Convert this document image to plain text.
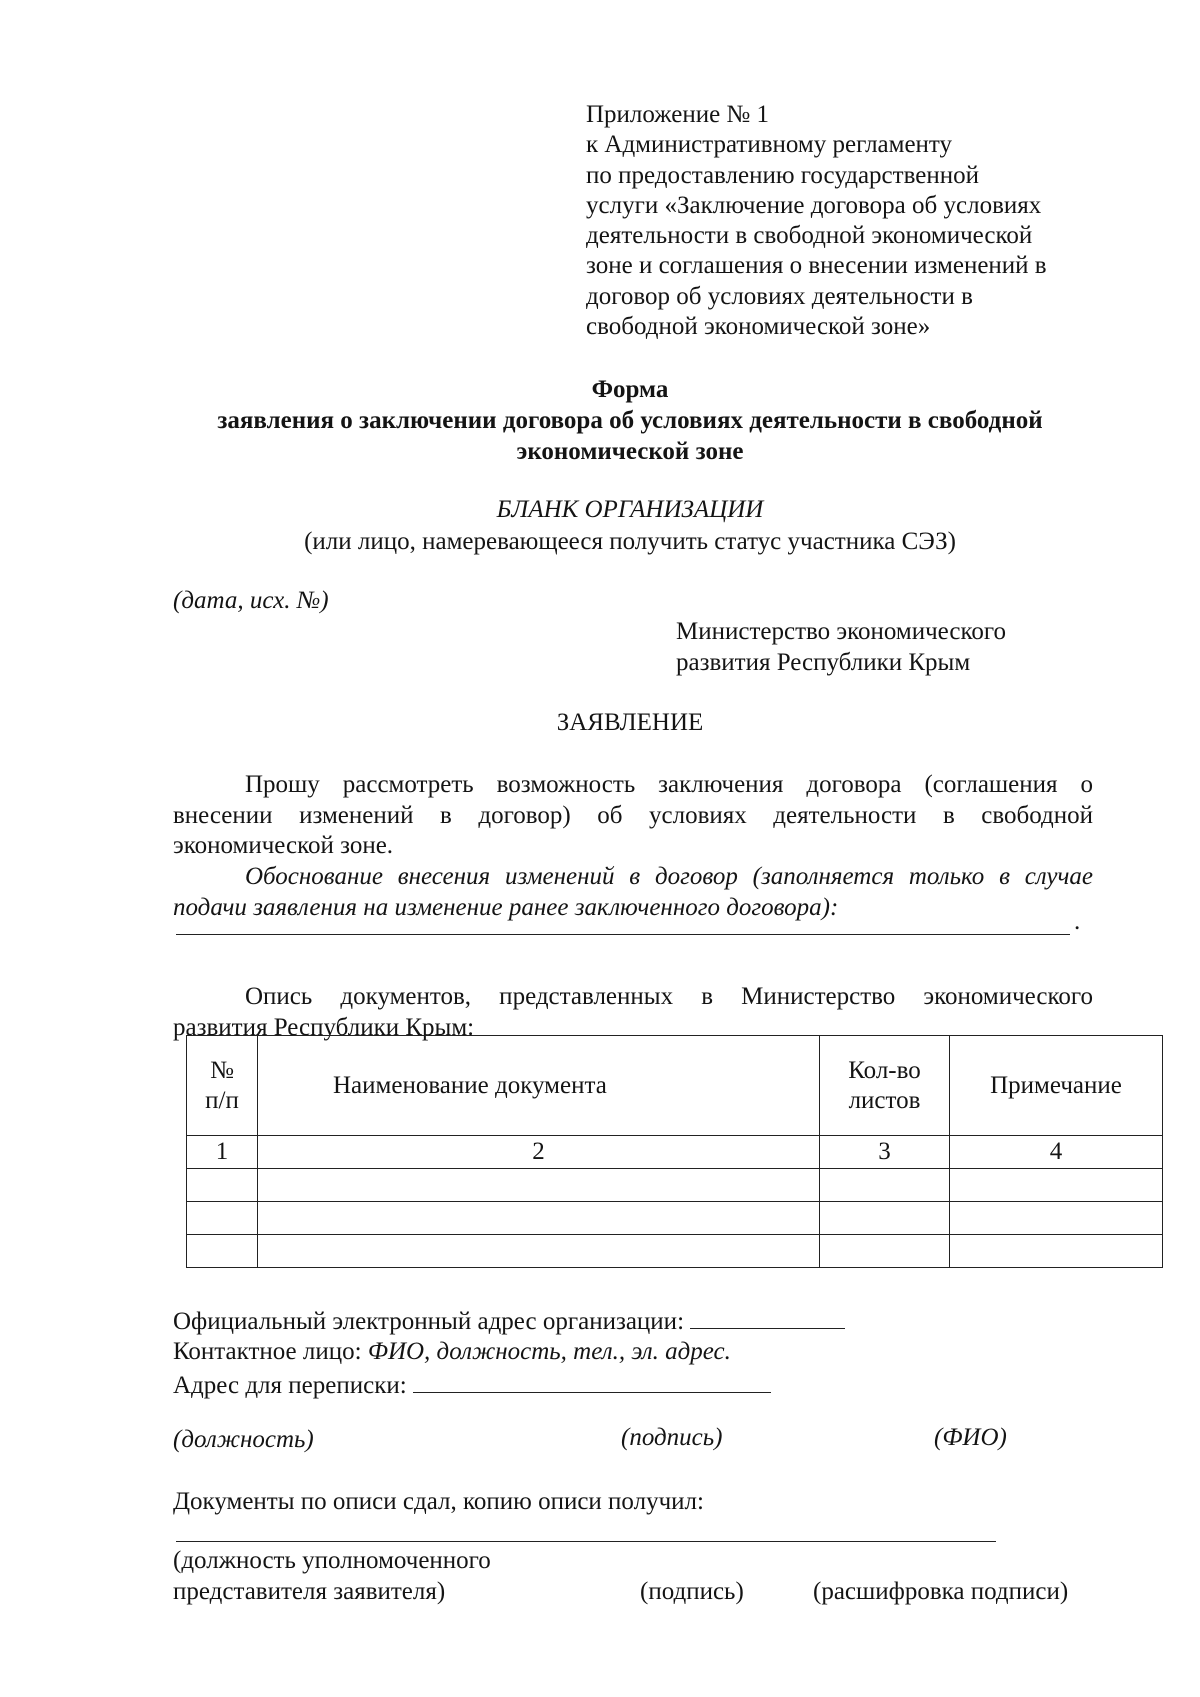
Приложение № 1
к Административному регламенту
по предоставлению государственной
услуги «Заключение договора об условиях
деятельности в свободной экономической
зоне и соглашения о внесении изменений в
договор об условиях деятельности в
свободной экономической зоне»
Форма
заявления о заключении договора об условиях деятельности в свободной
экономической зоне
БЛАНК ОРГАНИЗАЦИИ
(или лицо, намеревающееся получить статус участника СЭЗ)
(дата, исх. №)
Министерство экономического
развития Республики Крым
ЗАЯВЛЕНИЕ
Прошу рассмотреть возможность заключения договора (соглашения о
внесении изменений в договор) об условиях деятельности в свободной
экономической зоне.
Обоснование внесения изменений в договор (заполняется только в случае
подачи заявления на изменение ранее заключенного договора):
.
Опись документов, представленных в Министерство экономического
развития Республики Крым:
№ п/п	Наименование документа	Кол-во листов	Примечание
1	2	3	4

Официальный электронный адрес организации:
Контактное лицо: ФИО, должность, тел., эл. адрес.
Адрес для переписки:
(должность)	(подпись)	(ФИО)
Документы по описи сдал, копию описи получил:
(должность уполномоченного
представителя заявителя)	(подпись)	(расшифровка подписи)
